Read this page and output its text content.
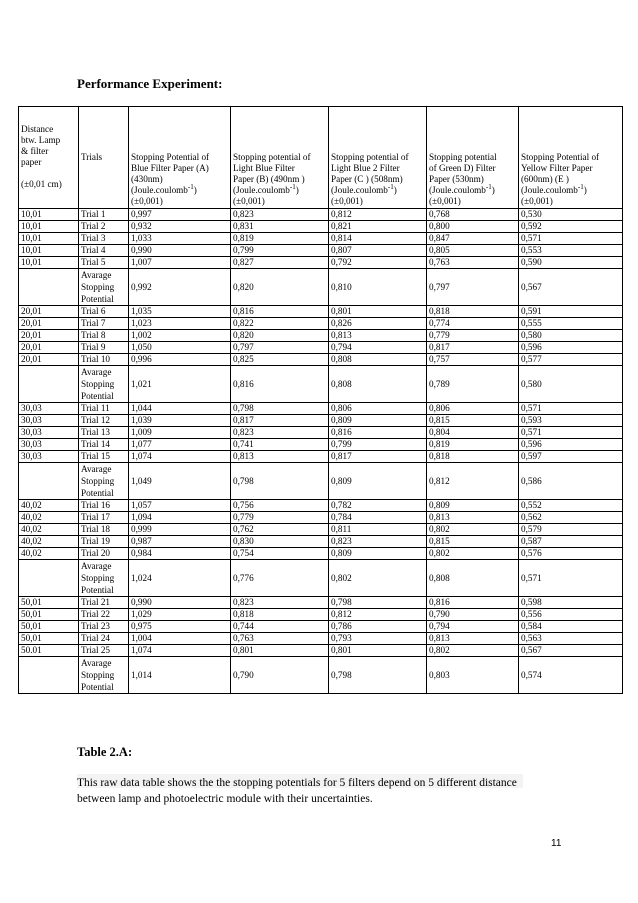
Performance Experiment:
Distance
btw. Lamp
& filter
paper

(±0,01 cm)	Trials	Stopping Potential of
Blue Filter Paper (A)
(430nm)
(Joule.coulomb$^{-1}$)
(±0,001)	Stopping potential of
Light Blue Filter
Paper (B) (490nm )
(Joule.coulomb$^{-1}$)
(±0,001)	Stopping potential of
Light Blue 2 Filter
Paper (C ) (508nm)
(Joule.coulomb$^{-1}$)
(±0,001)	Stopping potential
of Green D) Filter
Paper (530nm)
(Joule.coulomb$^{-1}$)
(±0,001)	Stopping Potential of
Yellow Filter Paper
(600nm) (E )
(Joule.coulomb$^{-1}$)
(±0,001)

10,01	Trial 1	0,997	0,823	0,812	0,768	0,530
10,01	Trial 2	0,932	0,831	0,821	0,800	0,592
10,01	Trial 3	1,033	0,819	0,814	0,847	0,571
10,01	Trial 4	0,990	0,799	0,807	0,805	0,553
10,01	Trial 5	1,007	0,827	0,792	0,763	0,590

	Avarage
Stopping
Potential	0,992	0,820	0,810	0,797	0,567
20,01	Trial 6	1,035	0,816	0,801	0,818	0,591
20,01	Trial 7	1,023	0,822	0,826	0,774	0,555
20,01	Trial 8	1,002	0,820	0,813	0,779	0,580
20,01	Trial 9	1,050	0,797	0,794	0,817	0,596
20,01	Trial 10	0,996	0,825	0,808	0,757	0,577

	Avarage
Stopping
Potential	1,021	0,816	0,808	0,789	0,580
30,03	Trial 11	1,044	0,798	0,806	0,806	0,571
30,03	Trial 12	1,039	0,817	0,809	0,815	0,593
30,03	Trial 13	1,009	0,823	0,816	0,804	0,571
30,03	Trial 14	1,077	0,741	0,799	0,819	0,596
30,03	Trial 15	1,074	0,813	0,817	0,818	0,597

	Avarage
Stopping
Potential	1,049	0,798	0,809	0,812	0,586
40,02	Trial 16	1,057	0,756	0,782	0,809	0,552
40,02	Trial 17	1,094	0,779	0,784	0,813	0,562
40,02	Trial 18	0,999	0,762	0,811	0,802	0,579
40,02	Trial 19	0,987	0,830	0,823	0,815	0,587
40,02	Trial 20	0,984	0,754	0,809	0,802	0,576

	Avarage
Stopping
Potential	1,024	0,776	0,802	0,808	0,571
50,01	Trial 21	0,990	0,823	0,798	0,816	0,598
50,01	Trial 22	1,029	0,818	0,812	0,790	0,556
50,01	Trial 23	0,975	0,744	0,786	0,794	0,584
50,01	Trial 24	1,004	0,763	0,793	0,813	0,563
50.01	Trial 25	1,074	0,801	0,801	0,802	0,567

	Avarage
Stopping
Potential	1,014	0,790	0,798	0,803	0,574
Table 2.A:
This raw data table shows the the stopping potentials for 5 filters depend on 5 different distance between lamp and photoelectric module with their uncertainties.
11
